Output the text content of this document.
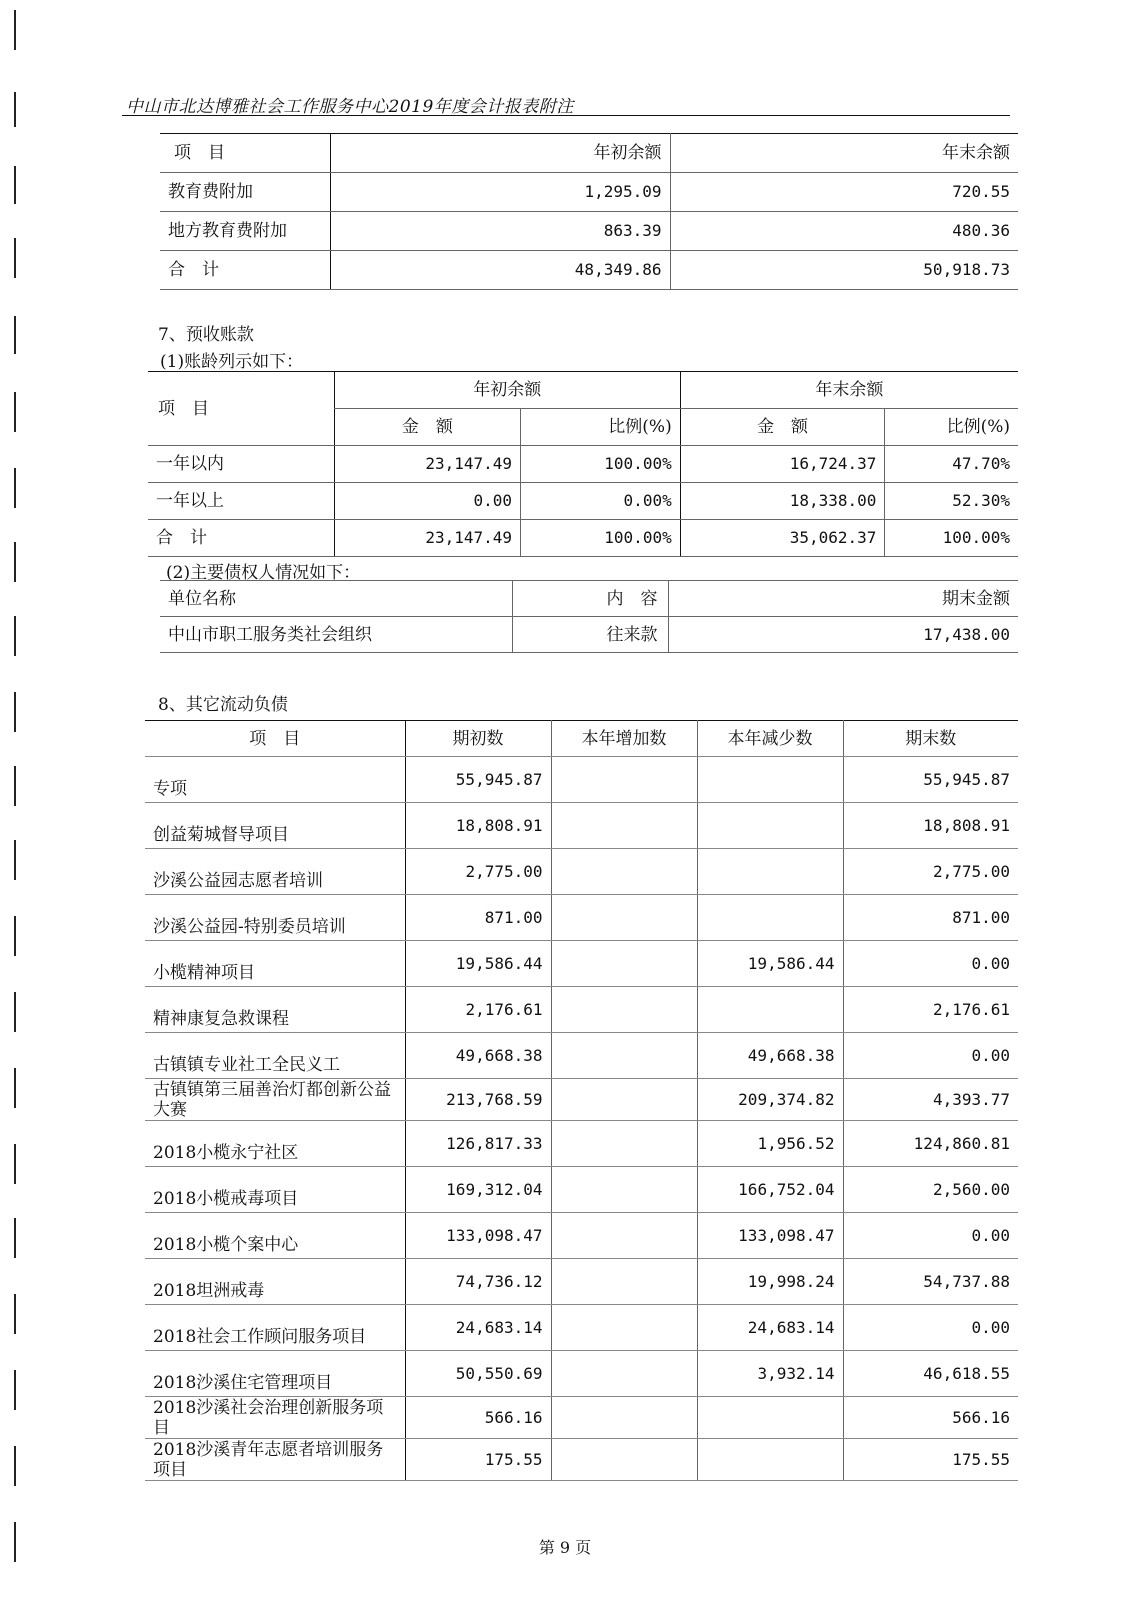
中山市北达博雅社会工作服务中心2019年度会计报表附注
项　目	年初余额	年末余额
教育费附加	1,295.09	720.55
地方教育费附加	863.39	480.36
合　计	48,349.86	50,918.73
7、预收账款
(1)账龄列示如下：
项　目	年初余额		年末余额	
	金　额	比例(%)	金　额	比例(%)
一年以内	23,147.49	100.00%	16,724.37	47.70%
一年以上	0.00	0.00%	18,338.00	52.30%
合　计	23,147.49	100.00%	35,062.37	100.00%
(2)主要债权人情况如下：
单位名称	内　容	期末金额
中山市职工服务类社会组织	往来款	17,438.00
8、其它流动负债
项　目	期初数	本年增加数	本年减少数	期末数
专项	55,945.87			55,945.87
创益菊城督导项目	18,808.91			18,808.91
沙溪公益园志愿者培训	2,775.00			2,775.00
沙溪公益园-特别委员培训	871.00			871.00
小榄精神项目	19,586.44		19,586.44	0.00
精神康复急救课程	2,176.61			2,176.61
古镇镇专业社工全民义工	49,668.38		49,668.38	0.00
古镇镇第三届善治灯都创新公益大赛	213,768.59		209,374.82	4,393.77
2018小榄永宁社区	126,817.33		1,956.52	124,860.81
2018小榄戒毒项目	169,312.04		166,752.04	2,560.00
2018小榄个案中心	133,098.47		133,098.47	0.00
2018坦洲戒毒	74,736.12		19,998.24	54,737.88
2018社会工作顾问服务项目	24,683.14		24,683.14	0.00
2018沙溪住宅管理项目	50,550.69		3,932.14	46,618.55
2018沙溪社会治理创新服务项目	566.16			566.16
2018沙溪青年志愿者培训服务项目	175.55			175.55
第 9 页
